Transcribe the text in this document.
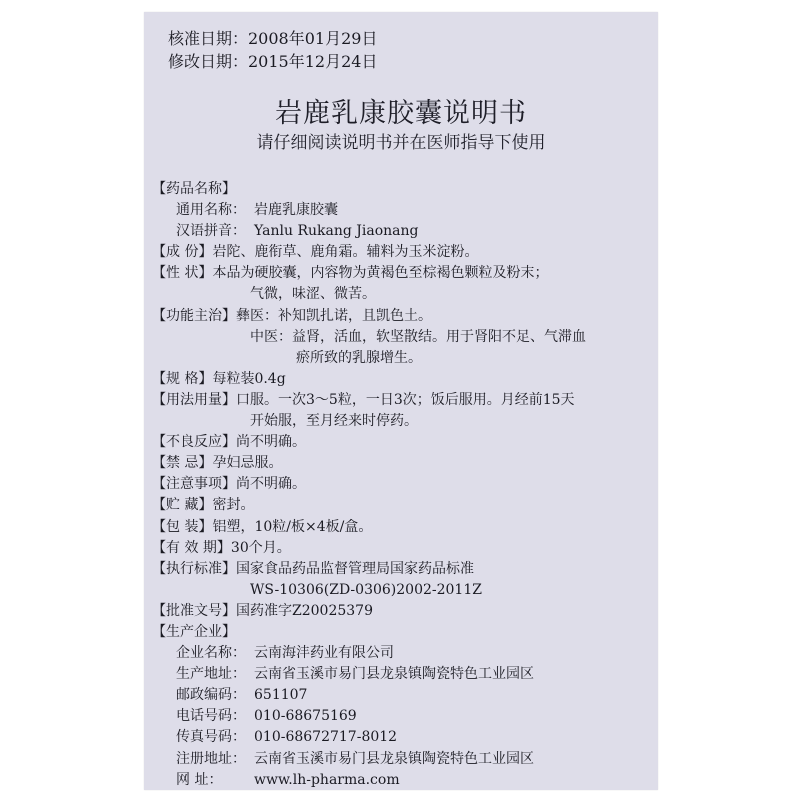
核准日期：2008年01月29日
修改日期：2015年12月24日
岩鹿乳康胶囊说明书
请仔细阅读说明书并在医师指导下使用
【药品名称】
通用名称： 岩鹿乳康胶囊
汉语拼音： Yanlu Rukang Jiaonang
【成 份】岩陀、鹿衔草、鹿角霜。辅料为玉米淀粉。
【性 状】本品为硬胶囊，内容物为黄褐色至棕褐色颗粒及粉末；
气微，味涩、微苦。
【功能主治】彝医：补知凯扎诺，且凯色土。
中医：益肾，活血，软坚散结。用于肾阳不足、气滞血
瘀所致的乳腺增生。
【规 格】每粒装0.4g
【用法用量】口服。一次3～5粒，一日3次；饭后服用。月经前15天
开始服，至月经来时停药。
【不良反应】尚不明确。
【禁 忌】孕妇忌服。
【注意事项】尚不明确。
【贮 藏】密封。
【包 装】铝塑，10粒/板×4板/盒。
【有 效 期】30个月。
【执行标准】国家食品药品监督管理局国家药品标准
WS-10306(ZD-0306)2002-2011Z
【批准文号】国药准字Z20025379
【生产企业】
企业名称： 云南海沣药业有限公司
生产地址： 云南省玉溪市易门县龙泉镇陶瓷特色工业园区
邮政编码： 651107
电话号码： 010-68675169
传真号码： 010-68672717-8012
注册地址： 云南省玉溪市易门县龙泉镇陶瓷特色工业园区
网 址： www.lh-pharma.com
